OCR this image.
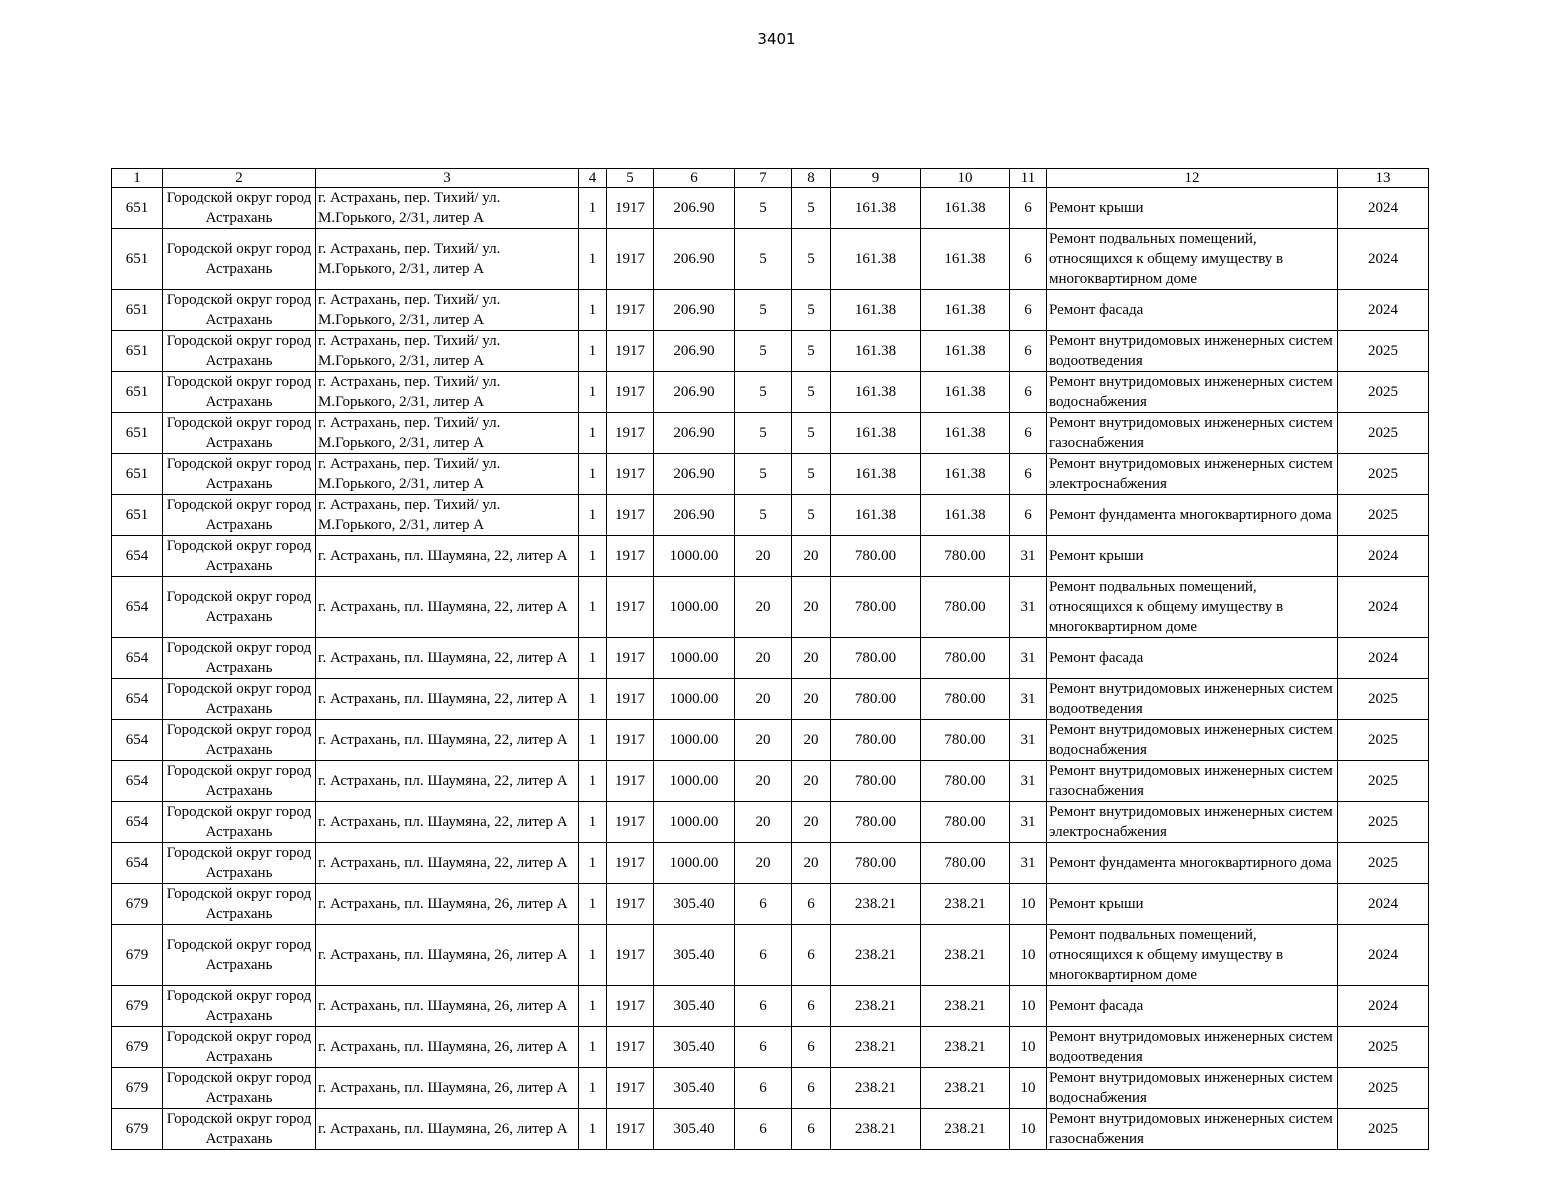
3401
1	2	3	4	5	6	7	8	9	10	11	12	13
651	Городской округ город Астрахань	г. Астрахань, пер. Тихий/ ул. М.Горького, 2/31, литер А	1	1917	206.90	5	5	161.38	161.38	6	Ремонт крыши	2024
651	Городской округ город Астрахань	г. Астрахань, пер. Тихий/ ул. М.Горького, 2/31, литер А	1	1917	206.90	5	5	161.38	161.38	6	Ремонт подвальных помещений, относящихся к общему имуществу в многоквартирном доме	2024
651	Городской округ город Астрахань	г. Астрахань, пер. Тихий/ ул. М.Горького, 2/31, литер А	1	1917	206.90	5	5	161.38	161.38	6	Ремонт фасада	2024
651	Городской округ город Астрахань	г. Астрахань, пер. Тихий/ ул. М.Горького, 2/31, литер А	1	1917	206.90	5	5	161.38	161.38	6	Ремонт внутридомовых инженерных систем водоотведения	2025
651	Городской округ город Астрахань	г. Астрахань, пер. Тихий/ ул. М.Горького, 2/31, литер А	1	1917	206.90	5	5	161.38	161.38	6	Ремонт внутридомовых инженерных систем водоснабжения	2025
651	Городской округ город Астрахань	г. Астрахань, пер. Тихий/ ул. М.Горького, 2/31, литер А	1	1917	206.90	5	5	161.38	161.38	6	Ремонт внутридомовых инженерных систем газоснабжения	2025
651	Городской округ город Астрахань	г. Астрахань, пер. Тихий/ ул. М.Горького, 2/31, литер А	1	1917	206.90	5	5	161.38	161.38	6	Ремонт внутридомовых инженерных систем электроснабжения	2025
651	Городской округ город Астрахань	г. Астрахань, пер. Тихий/ ул. М.Горького, 2/31, литер А	1	1917	206.90	5	5	161.38	161.38	6	Ремонт фундамента многоквартирного дома	2025
654	Городской округ город Астрахань	г. Астрахань, пл. Шаумяна, 22, литер А	1	1917	1000.00	20	20	780.00	780.00	31	Ремонт крыши	2024
654	Городской округ город Астрахань	г. Астрахань, пл. Шаумяна, 22, литер А	1	1917	1000.00	20	20	780.00	780.00	31	Ремонт подвальных помещений, относящихся к общему имуществу в многоквартирном доме	2024
654	Городской округ город Астрахань	г. Астрахань, пл. Шаумяна, 22, литер А	1	1917	1000.00	20	20	780.00	780.00	31	Ремонт фасада	2024
654	Городской округ город Астрахань	г. Астрахань, пл. Шаумяна, 22, литер А	1	1917	1000.00	20	20	780.00	780.00	31	Ремонт внутридомовых инженерных систем водоотведения	2025
654	Городской округ город Астрахань	г. Астрахань, пл. Шаумяна, 22, литер А	1	1917	1000.00	20	20	780.00	780.00	31	Ремонт внутридомовых инженерных систем водоснабжения	2025
654	Городской округ город Астрахань	г. Астрахань, пл. Шаумяна, 22, литер А	1	1917	1000.00	20	20	780.00	780.00	31	Ремонт внутридомовых инженерных систем газоснабжения	2025
654	Городской округ город Астрахань	г. Астрахань, пл. Шаумяна, 22, литер А	1	1917	1000.00	20	20	780.00	780.00	31	Ремонт внутридомовых инженерных систем электроснабжения	2025
654	Городской округ город Астрахань	г. Астрахань, пл. Шаумяна, 22, литер А	1	1917	1000.00	20	20	780.00	780.00	31	Ремонт фундамента многоквартирного дома	2025
679	Городской округ город Астрахань	г. Астрахань, пл. Шаумяна, 26, литер А	1	1917	305.40	6	6	238.21	238.21	10	Ремонт крыши	2024
679	Городской округ город Астрахань	г. Астрахань, пл. Шаумяна, 26, литер А	1	1917	305.40	6	6	238.21	238.21	10	Ремонт подвальных помещений, относящихся к общему имуществу в многоквартирном доме	2024
679	Городской округ город Астрахань	г. Астрахань, пл. Шаумяна, 26, литер А	1	1917	305.40	6	6	238.21	238.21	10	Ремонт фасада	2024
679	Городской округ город Астрахань	г. Астрахань, пл. Шаумяна, 26, литер А	1	1917	305.40	6	6	238.21	238.21	10	Ремонт внутридомовых инженерных систем водоотведения	2025
679	Городской округ город Астрахань	г. Астрахань, пл. Шаумяна, 26, литер А	1	1917	305.40	6	6	238.21	238.21	10	Ремонт внутридомовых инженерных систем водоснабжения	2025
679	Городской округ город Астрахань	г. Астрахань, пл. Шаумяна, 26, литер А	1	1917	305.40	6	6	238.21	238.21	10	Ремонт внутридомовых инженерных систем газоснабжения	2025
